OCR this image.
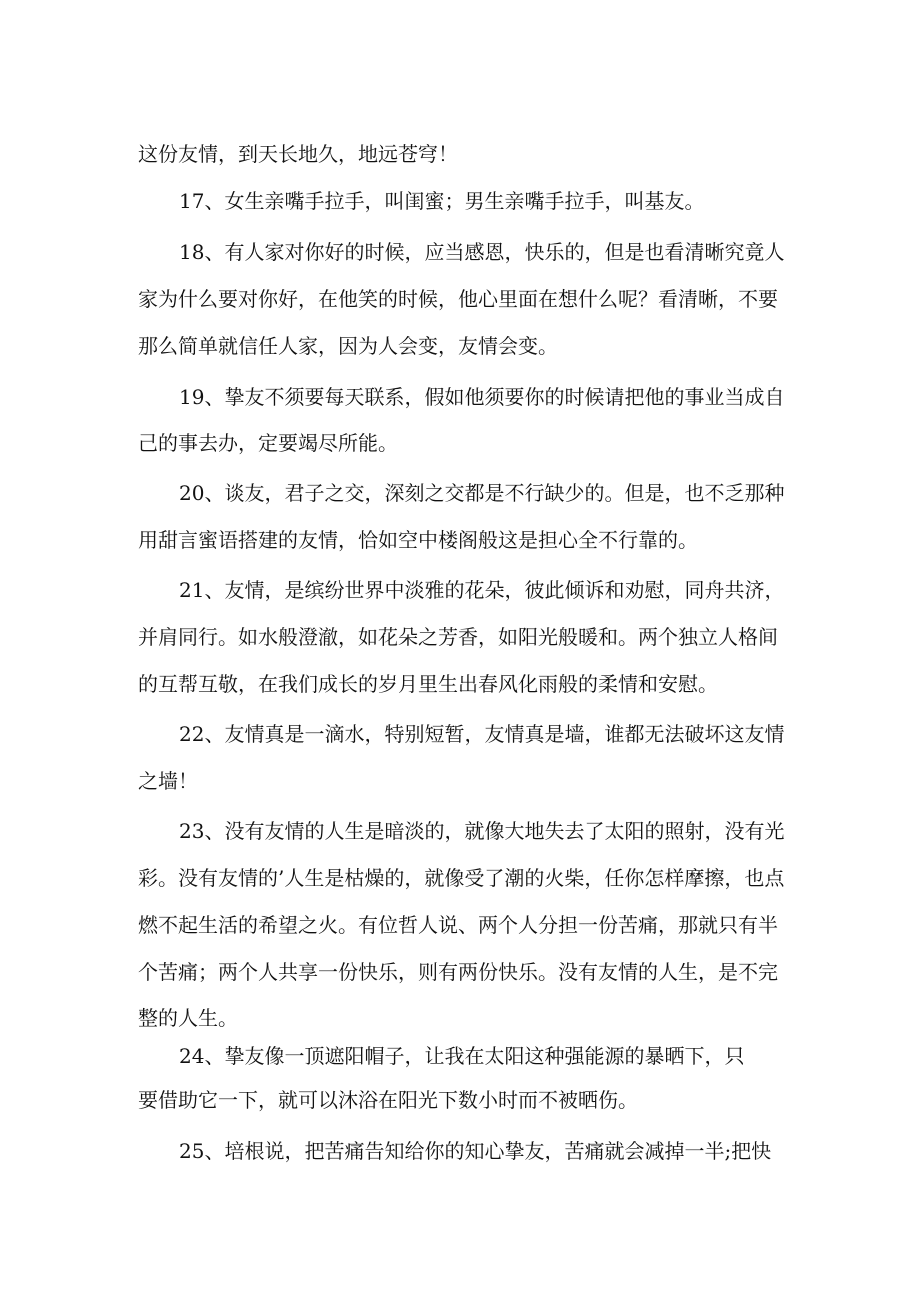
这份友情，到天长地久，地远苍穹！
17、女生亲嘴手拉手，叫闺蜜；男生亲嘴手拉手，叫基友。
18、有人家对你好的时候，应当感恩，快乐的，但是也看清晰究竟人
家为什么要对你好，在他笑的时候，他心里面在想什么呢？看清晰，不要
那么简单就信任人家，因为人会变，友情会变。
19、挚友不须要每天联系，假如他须要你的时候请把他的事业当成自
己的事去办，定要竭尽所能。
20、谈友，君子之交，深刻之交都是不行缺少的。但是，也不乏那种
用甜言蜜语搭建的友情，恰如空中楼阁般这是担心全不行靠的。
21、友情，是缤纷世界中淡雅的花朵，彼此倾诉和劝慰，同舟共济，
并肩同行。如水般澄澈，如花朵之芳香，如阳光般暖和。两个独立人格间
的互帮互敬，在我们成长的岁月里生出春风化雨般的柔情和安慰。
22、友情真是一滴水，特别短暂，友情真是墙，谁都无法破坏这友情
之墙！
23、没有友情的人生是暗淡的，就像大地失去了太阳的照射，没有光
彩。没有友情的’人生是枯燥的，就像受了潮的火柴，任你怎样摩擦，也点
燃不起生活的希望之火。有位哲人说、两个人分担一份苦痛，那就只有半
个苦痛；两个人共享一份快乐，则有两份快乐。没有友情的人生，是不完
整的人生。
24、挚友像一顶遮阳帽子，让我在太阳这种强能源的暴晒下，只
要借助它一下，就可以沐浴在阳光下数小时而不被晒伤。
25、培根说，把苦痛告知给你的知心挚友，苦痛就会减掉一半;把快
